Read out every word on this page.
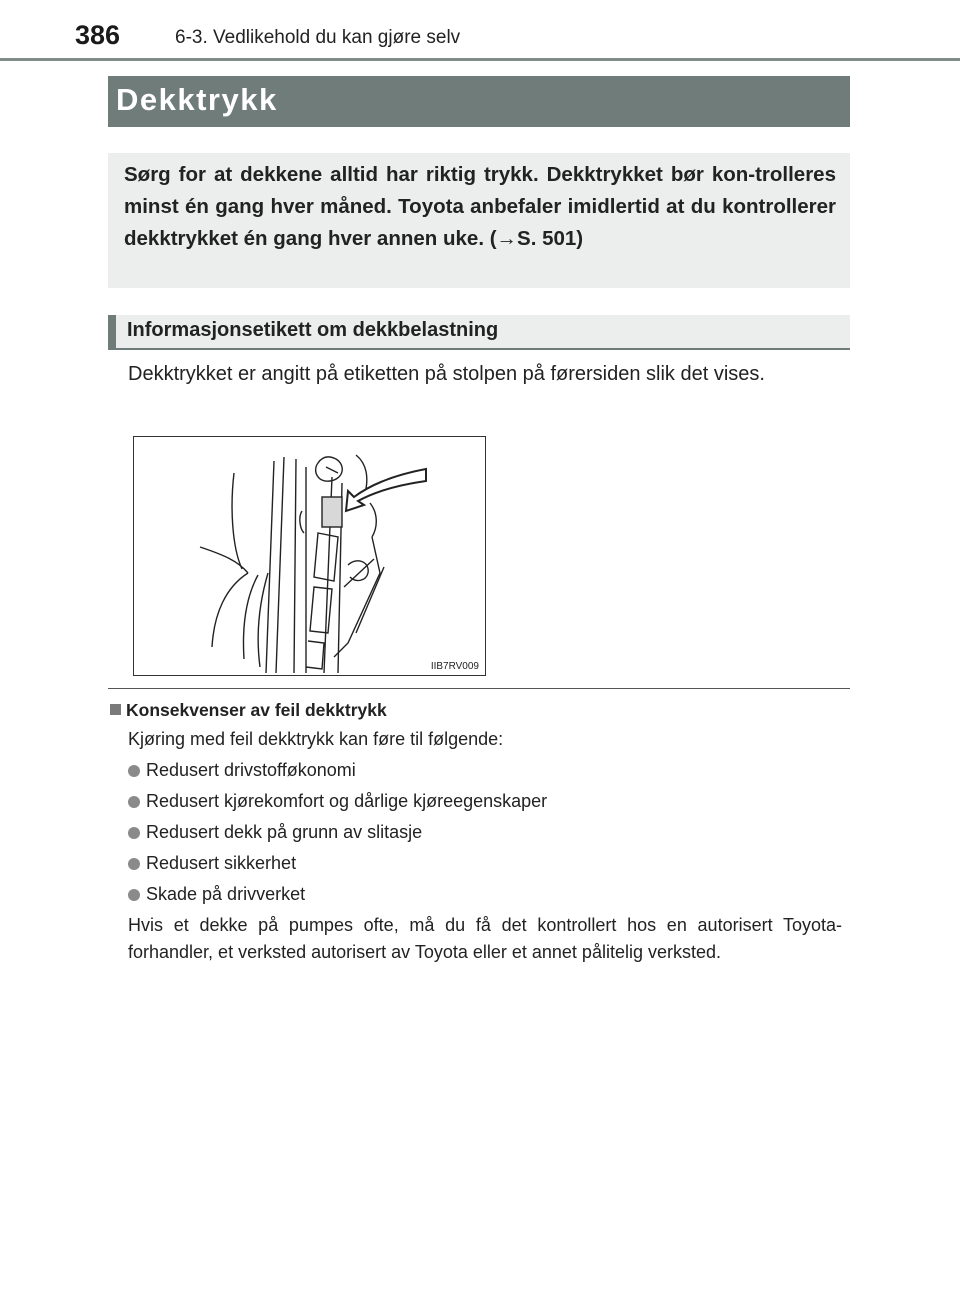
386	6-3. Vedlikehold du kan gjøre selv
Dekktrykk

Sørg for at dekkene alltid har riktig trykk. Dekktrykket bør kon-trolleres minst én gang hver måned. Toyota anbefaler imidlertid at du kontrollerer dekktrykket én gang hver annen uke. (→S. 501)

Informasjonsetikett om dekkbelastning

Dekktrykket er angitt på etiketten på stolpen på førersiden slik det vises.

IIB7RV009
Konsekvenser av feil dekktrykk
Kjøring med feil dekktrykk kan føre til følgende:
Redusert drivstofføkonomi
Redusert kjørekomfort og dårlige kjøreegenskaper
Redusert dekk på grunn av slitasje
Redusert sikkerhet
Skade på drivverket

Hvis et dekke på pumpes ofte, må du få det kontrollert hos en autorisert Toyota-forhandler, et verksted autorisert av Toyota eller et annet pålitelig verksted.
